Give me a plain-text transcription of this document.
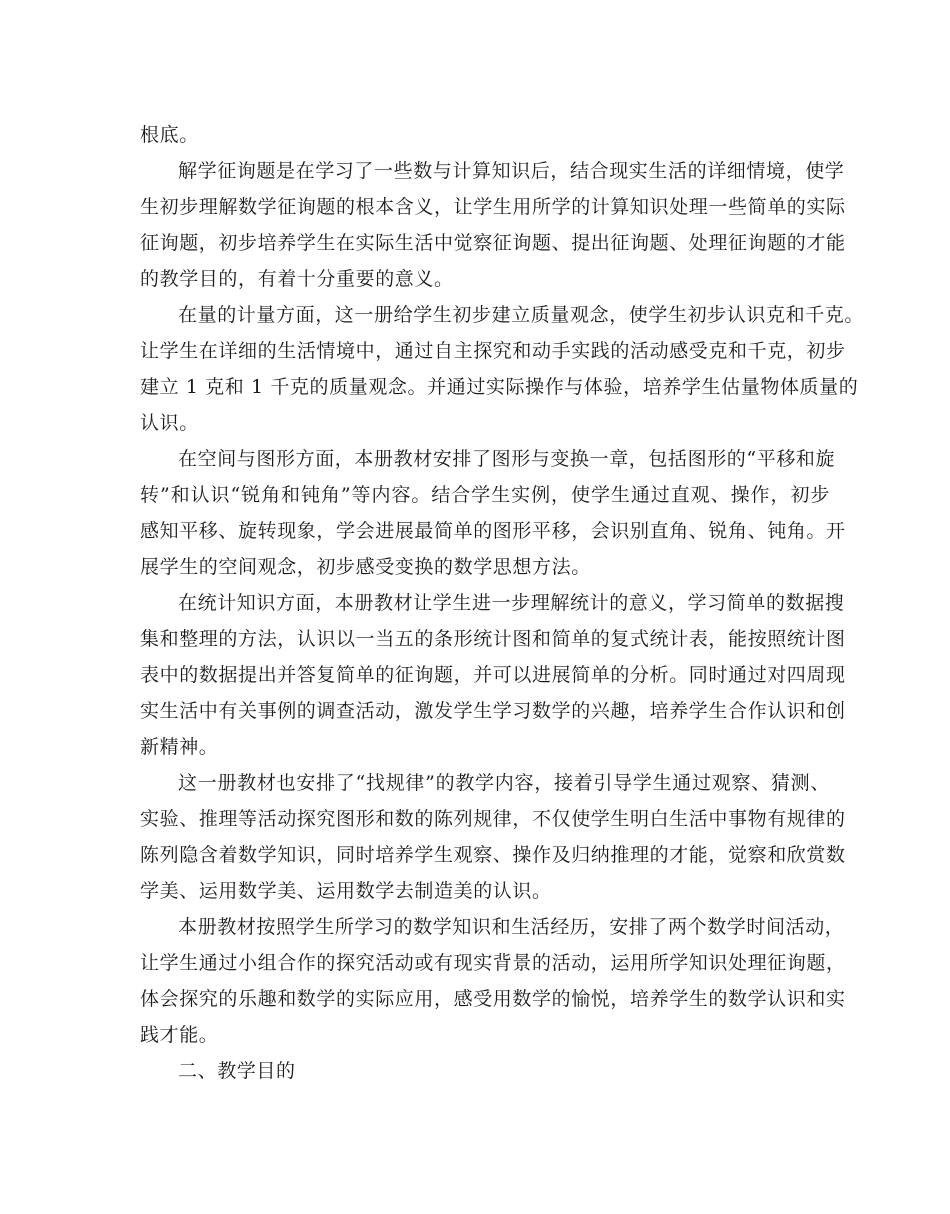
根底。
解学征询题是在学习了一些数与计算知识后，结合现实生活的详细情境，使学
生初步理解数学征询题的根本含义，让学生用所学的计算知识处理一些简单的实际
征询题，初步培养学生在实际生活中觉察征询题、提出征询题、处理征询题的才能
的教学目的，有着十分重要的意义。
在量的计量方面，这一册给学生初步建立质量观念，使学生初步认识克和千克。
让学生在详细的生活情境中，通过自主探究和动手实践的活动感受克和千克，初步
建立 1 克和 1 千克的质量观念。并通过实际操作与体验，培养学生估量物体质量的
认识。
在空间与图形方面，本册教材安排了图形与变换一章，包括图形的“平移和旋
转”和认识“锐角和钝角”等内容。结合学生实例，使学生通过直观、操作，初步
感知平移、旋转现象，学会进展最简单的图形平移，会识别直角、锐角、钝角。开
展学生的空间观念，初步感受变换的数学思想方法。
在统计知识方面，本册教材让学生进一步理解统计的意义，学习简单的数据搜
集和整理的方法，认识以一当五的条形统计图和简单的复式统计表，能按照统计图
表中的数据提出并答复简单的征询题，并可以进展简单的分析。同时通过对四周现
实生活中有关事例的调查活动，激发学生学习数学的兴趣，培养学生合作认识和创
新精神。
这一册教材也安排了“找规律”的教学内容，接着引导学生通过观察、猜测、
实验、推理等活动探究图形和数的陈列规律，不仅使学生明白生活中事物有规律的
陈列隐含着数学知识，同时培养学生观察、操作及归纳推理的才能，觉察和欣赏数
学美、运用数学美、运用数学去制造美的认识。
本册教材按照学生所学习的数学知识和生活经历，安排了两个数学时间活动，
让学生通过小组合作的探究活动或有现实背景的活动，运用所学知识处理征询题，
体会探究的乐趣和数学的实际应用，感受用数学的愉悦，培养学生的数学认识和实
践才能。
二、教学目的
